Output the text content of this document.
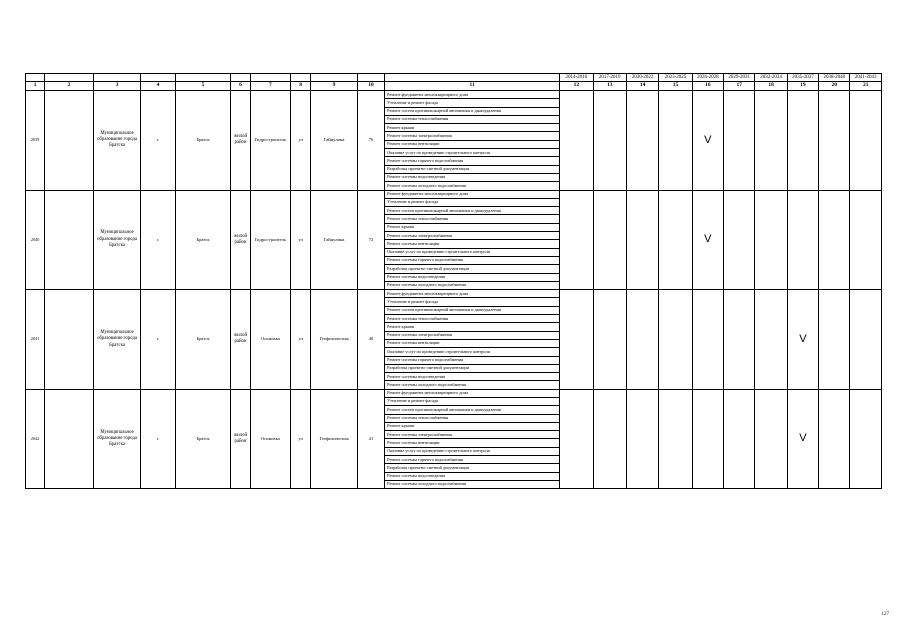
											2014-2016	2017-2019	2020-2022	2023-2025	2026-2028	2029-2031	2032-2034	2035-2037	2038-2040	2041-2043
1	2	3	4	5	6	7	8	9	10	11	12	13	14	15	16	17	18	19	20	21
2039		Муниципальное образование города Братска	г.	Братск	жилой район	Гидростроитель	ул	Гайнулина	76	Ремонт фундамента многоквартирного дома					V					
										Утепление и ремонт фасада										
										Ремонт систем противопожарной автоматики и дымоудаления										
										Ремонт системы теплоснабжения										
										Ремонт крыши										
										Ремонт системы электроснабжения										
										Ремонт системы вентиляции										
										Оказание услуг по проведению строительного контроля										
										Ремонт системы горячего водоснабжения										
										Разработка проектно-сметной документации										
										Ремонт системы водоотведения										
										Ремонт системы холодного водоснабжения										
2040		Муниципальное образование города Братска	г.	Братск	жилой район	Гидростроитель	ул	Гайнулина	72	Ремонт фундамента многоквартирного дома					V					
										Утепление и ремонт фасада										
										Ремонт систем противопожарной автоматики и дымоудаления										
										Ремонт системы теплоснабжения										
										Ремонт крыши										
										Ремонт системы электроснабжения										
										Ремонт системы вентиляции										
										Оказание услуг по проведению строительного контроля										
										Ремонт системы горячего водоснабжения										
										Разработка проектно-сметной документации										
										Ремонт системы водоотведения										
										Ремонт системы холодного водоснабжения										
2041		Муниципальное образование города Братска	г.	Братск	жилой район	Осиновка	ул	Геофизическая	40	Ремонт фундамента многоквартирного дома								V		
										Утепление и ремонт фасада										
										Ремонт систем противопожарной автоматики и дымоудаления										
										Ремонт системы теплоснабжения										
										Ремонт крыши										
										Ремонт системы электроснабжения										
										Ремонт системы вентиляции										
										Оказание услуг по проведению строительного контроля										
										Ремонт системы горячего водоснабжения										
										Разработка проектно-сметной документации										
										Ремонт системы водоотведения										
										Ремонт системы холодного водоснабжения										
2042		Муниципальное образование города Братска	г.	Братск	жилой район	Осиновка	ул	Геофизическая	41	Ремонт фундамента многоквартирного дома								V		
										Утепление и ремонт фасада										
										Ремонт систем противопожарной автоматики и дымоудаления										
										Ремонт системы теплоснабжения										
										Ремонт крыши										
										Ремонт системы электроснабжения										
										Ремонт системы вентиляции										
										Оказание услуг по проведению строительного контроля										
										Ремонт системы горячего водоснабжения										
										Разработка проектно-сметной документации										
										Ремонт системы водоотведения										
										Ремонт системы холодного водоснабжения										
127
